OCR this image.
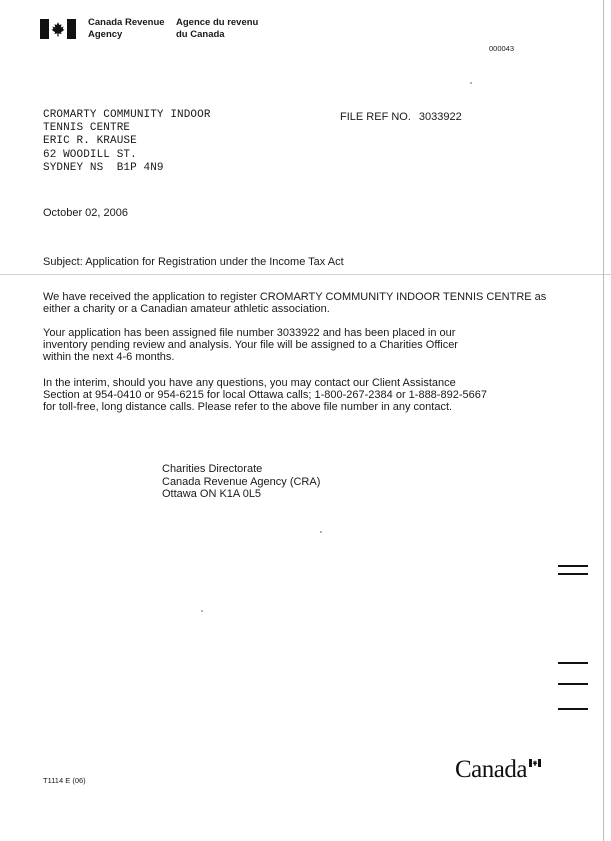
Canada Revenue
Agency
Agence du revenu
du Canada
000043
CROMARTY COMMUNITY INDOOR
TENNIS CENTRE
ERIC R. KRAUSE
62 WOODILL ST.
SYDNEY NS  B1P 4N9
FILE REF NO. 3033922
October 02, 2006
Subject: Application for Registration under the Income Tax Act
We have received the application to register CROMARTY COMMUNITY INDOOR TENNIS CENTRE as
either a charity or a Canadian amateur athletic association.
Your application has been assigned file number 3033922 and has been placed in our
inventory pending review and analysis. Your file will be assigned to a Charities Officer
within the next 4-6 months.
In the interim, should you have any questions, you may contact our Client Assistance
Section at 954-0410 or 954-6215 for local Ottawa calls; 1-800-267-2384 or 1-888-892-5667
for toll-free, long distance calls. Please refer to the above file number in any contact.
Charities Directorate
Canada Revenue Agency (CRA)
Ottawa ON K1A 0L5
T1114 E (06)	Canada
